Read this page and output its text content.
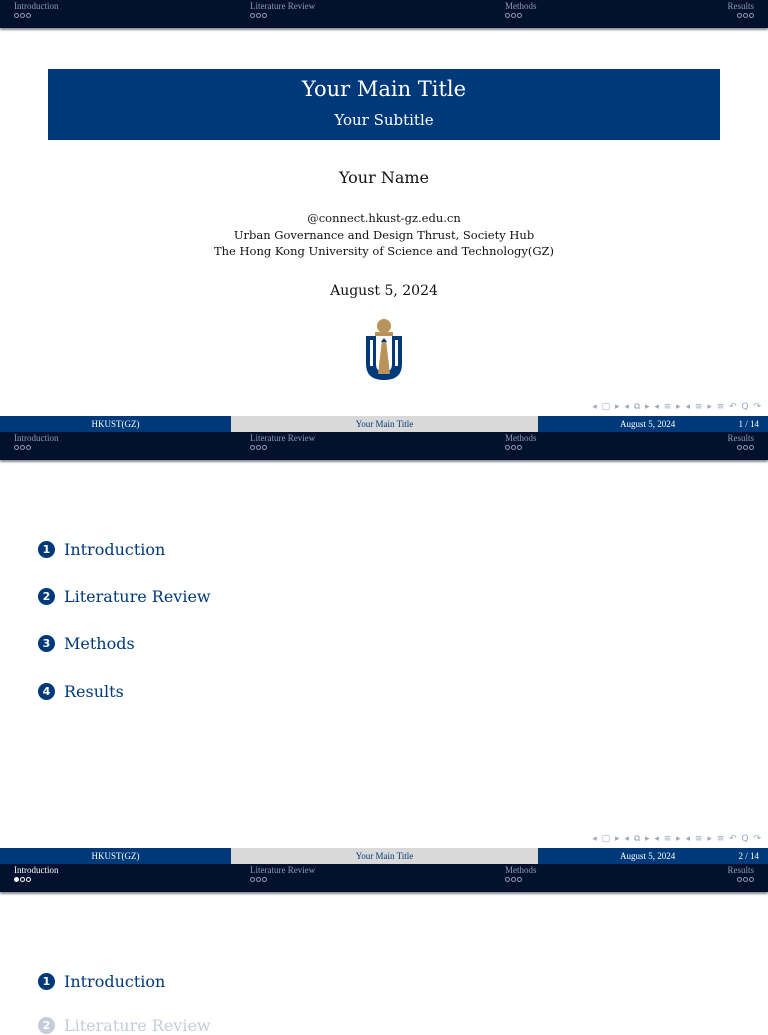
Introduction	Literature Review	Methods	Results
Your Main Title
Your Subtitle
Your Name
@connect.hkust-gz.edu.cn
Urban Governance and Design Thrust, Society Hub
The Hong Kong University of Science and Technology(GZ)
August 5, 2024
◂ ▢ ▸ ◂ ⧉ ▸ ◂ ≡ ▸ ◂ ≡ ▸ ≡ ↶ Q ↷
HKUST(GZ)	Your Main Title	August 5, 2024	1 / 14
Introduction	Literature Review	Methods	Results
1 Introduction
2 Literature Review
3 Methods
4 Results
◂ ▢ ▸ ◂ ⧉ ▸ ◂ ≡ ▸ ◂ ≡ ▸ ≡ ↶ Q ↷
HKUST(GZ)	Your Main Title	August 5, 2024	2 / 14
Introduction	Literature Review	Methods	Results
1 Introduction
2 Literature Review
